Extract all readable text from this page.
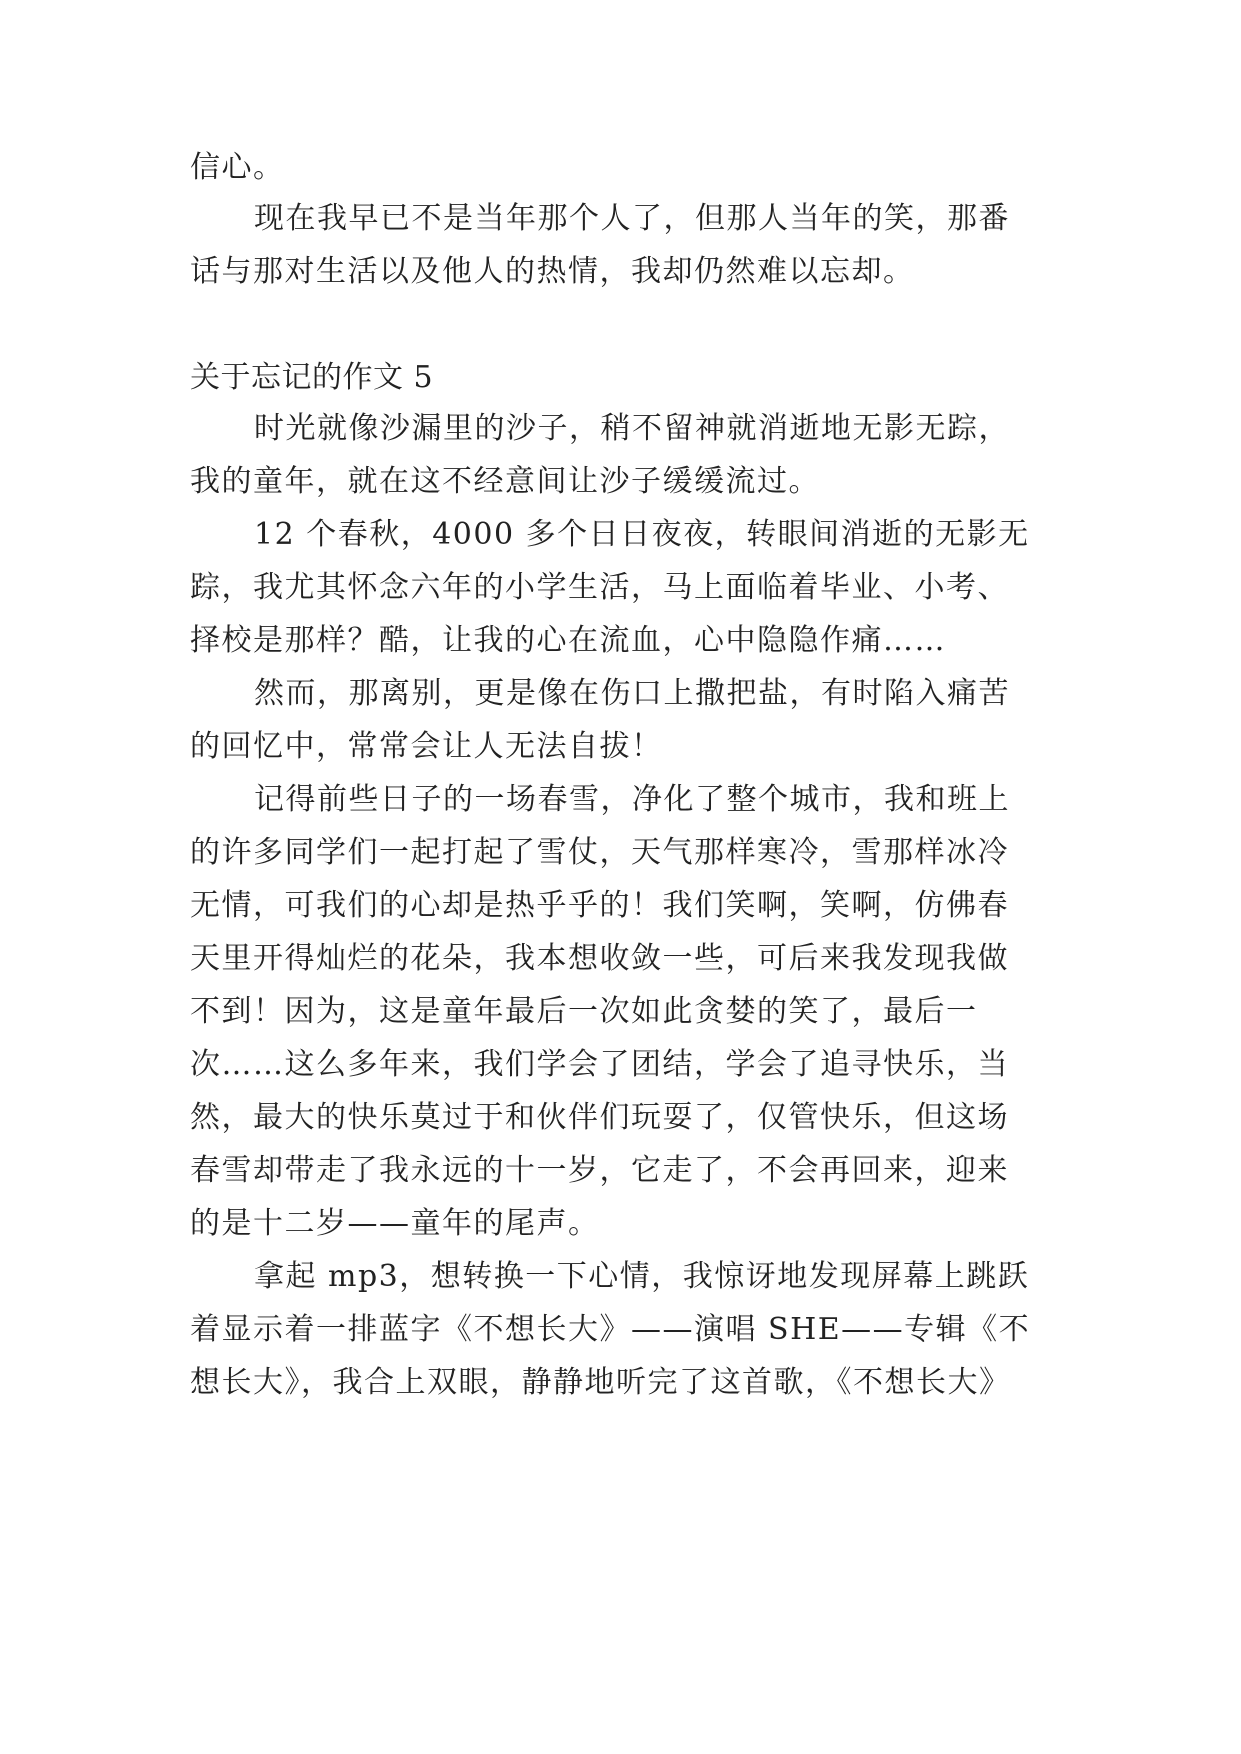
信心。
现在我早已不是当年那个人了，但那人当年的笑，那番
话与那对生活以及他人的热情，我却仍然难以忘却。
关于忘记的作文 5
时光就像沙漏里的沙子，稍不留神就消逝地无影无踪，
我的童年，就在这不经意间让沙子缓缓流过。
12 个春秋，4000 多个日日夜夜，转眼间消逝的无影无
踪，我尤其怀念六年的小学生活，马上面临着毕业、小考、
择校是那样？酷，让我的心在流血，心中隐隐作痛……
然而，那离别，更是像在伤口上撒把盐，有时陷入痛苦
的回忆中，常常会让人无法自拔！
记得前些日子的一场春雪，净化了整个城市，我和班上
的许多同学们一起打起了雪仗，天气那样寒冷，雪那样冰冷
无情，可我们的心却是热乎乎的！我们笑啊，笑啊，仿佛春
天里开得灿烂的花朵，我本想收敛一些，可后来我发现我做
不到！因为，这是童年最后一次如此贪婪的笑了，最后一
次……这么多年来，我们学会了团结，学会了追寻快乐，当
然，最大的快乐莫过于和伙伴们玩耍了，仅管快乐，但这场
春雪却带走了我永远的十一岁，它走了，不会再回来，迎来
的是十二岁——童年的尾声。
拿起 mp3，想转换一下心情，我惊讶地发现屏幕上跳跃
着显示着一排蓝字《不想长大》——演唱 SHE——专辑《不
想长大》，我合上双眼，静静地听完了这首歌，《不想长大》
